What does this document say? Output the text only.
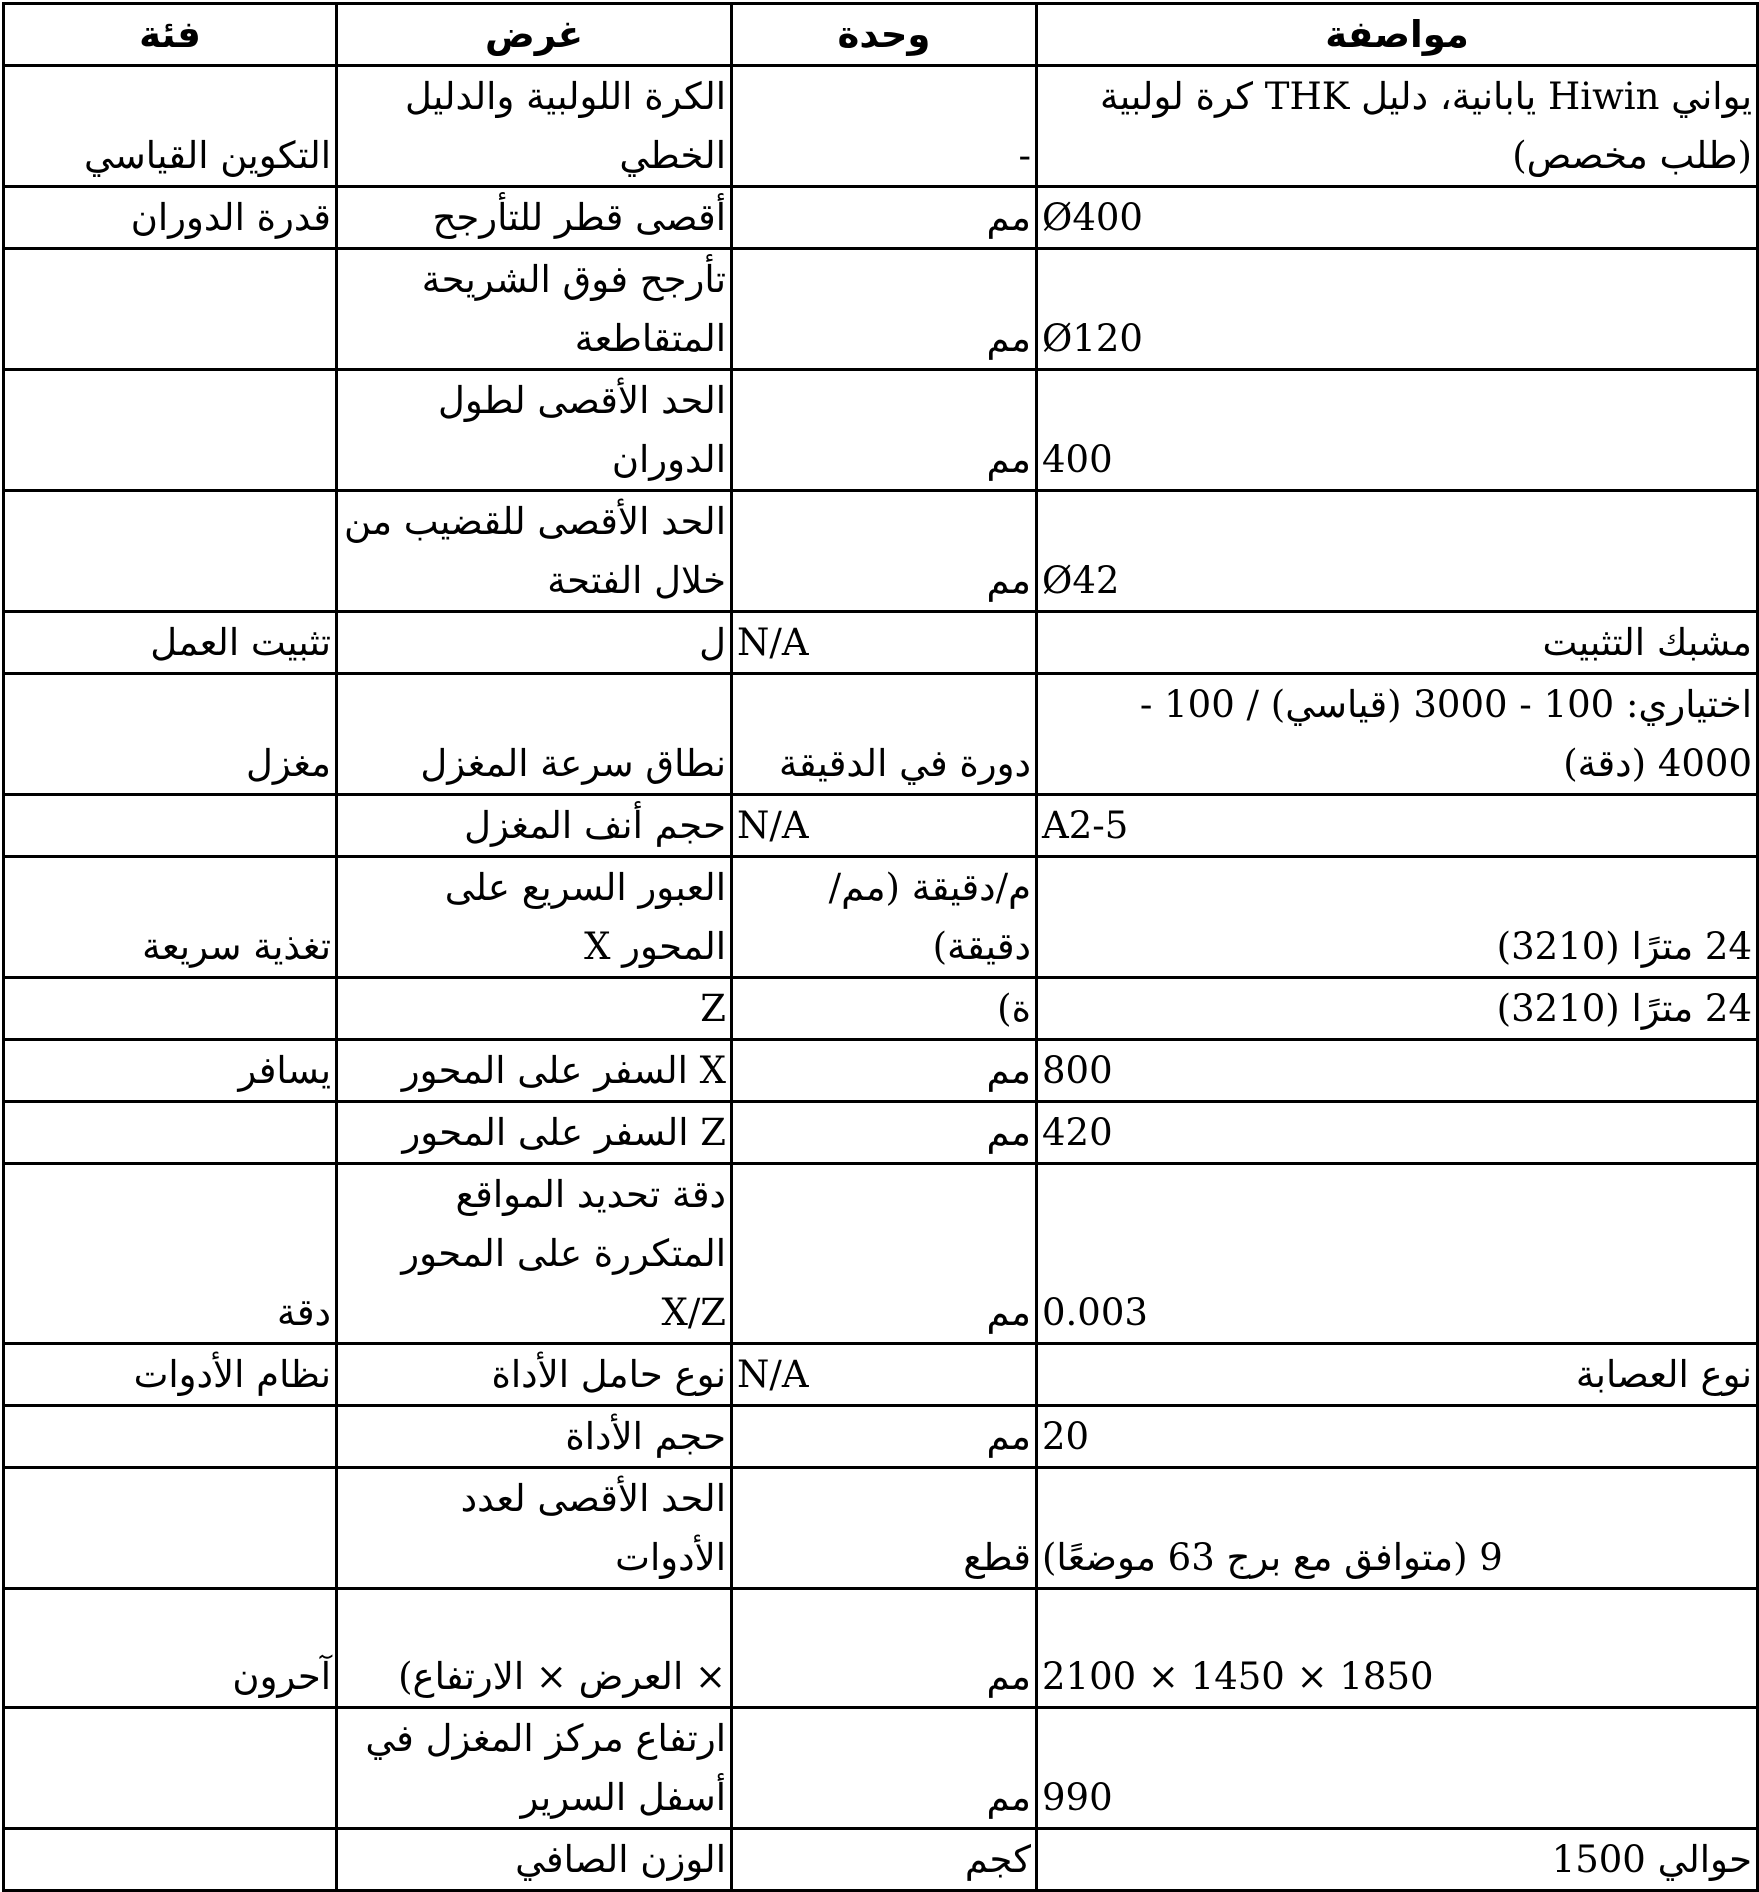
فئة	غرض	وحدة	مواصفة
التكوين القياسي	الكرة اللولبية والدليل الخطي	-	يواني Hiwin يابانية، دليل THK كرة لولبية (طلب مخصص)
قدرة الدوران	أقصى قطر للتأرجح	مم	Ø400
	تأرجح فوق الشريحة المتقاطعة	مم	Ø120
	الحد الأقصى لطول الدوران	مم	400
	الحد الأقصى للقضيب من خلال الفتحة	مم	Ø42
تثبيت العمل	ل	N/A	مشبك التثبيت
مغزل	نطاق سرعة المغزل	دورة في الدقيقة	اختياري: 100 - 3000 (قياسي) / 100 - 4000 (دقة)
	حجم أنف المغزل	N/A	A2-5
تغذية سريعة	العبور السريع على المحور X	م/دقيقة (مم/دقيقة)	24 مترًا (3210)
	Z	ة)	24 مترًا (3210)
يسافر	X السفر على المحور	مم	800
	Z السفر على المحور	مم	420
دقة	دقة تحديد المواقع المتكررة على المحور X/Z	مم	0.003
نظام الأدوات	نوع حامل الأداة	N/A	نوع العصابة
	حجم الأداة	مم	20
	الحد الأقصى لعدد الأدوات	قطع	9 (متوافق مع برج 63 موضعًا)
آحرون	× العرض × الارتفاع)	مم	2100 × 1450 × 1850
	ارتفاع مركز المغزل في أسفل السرير	مم	990
	الوزن الصافي	كجم	حوالي 1500
